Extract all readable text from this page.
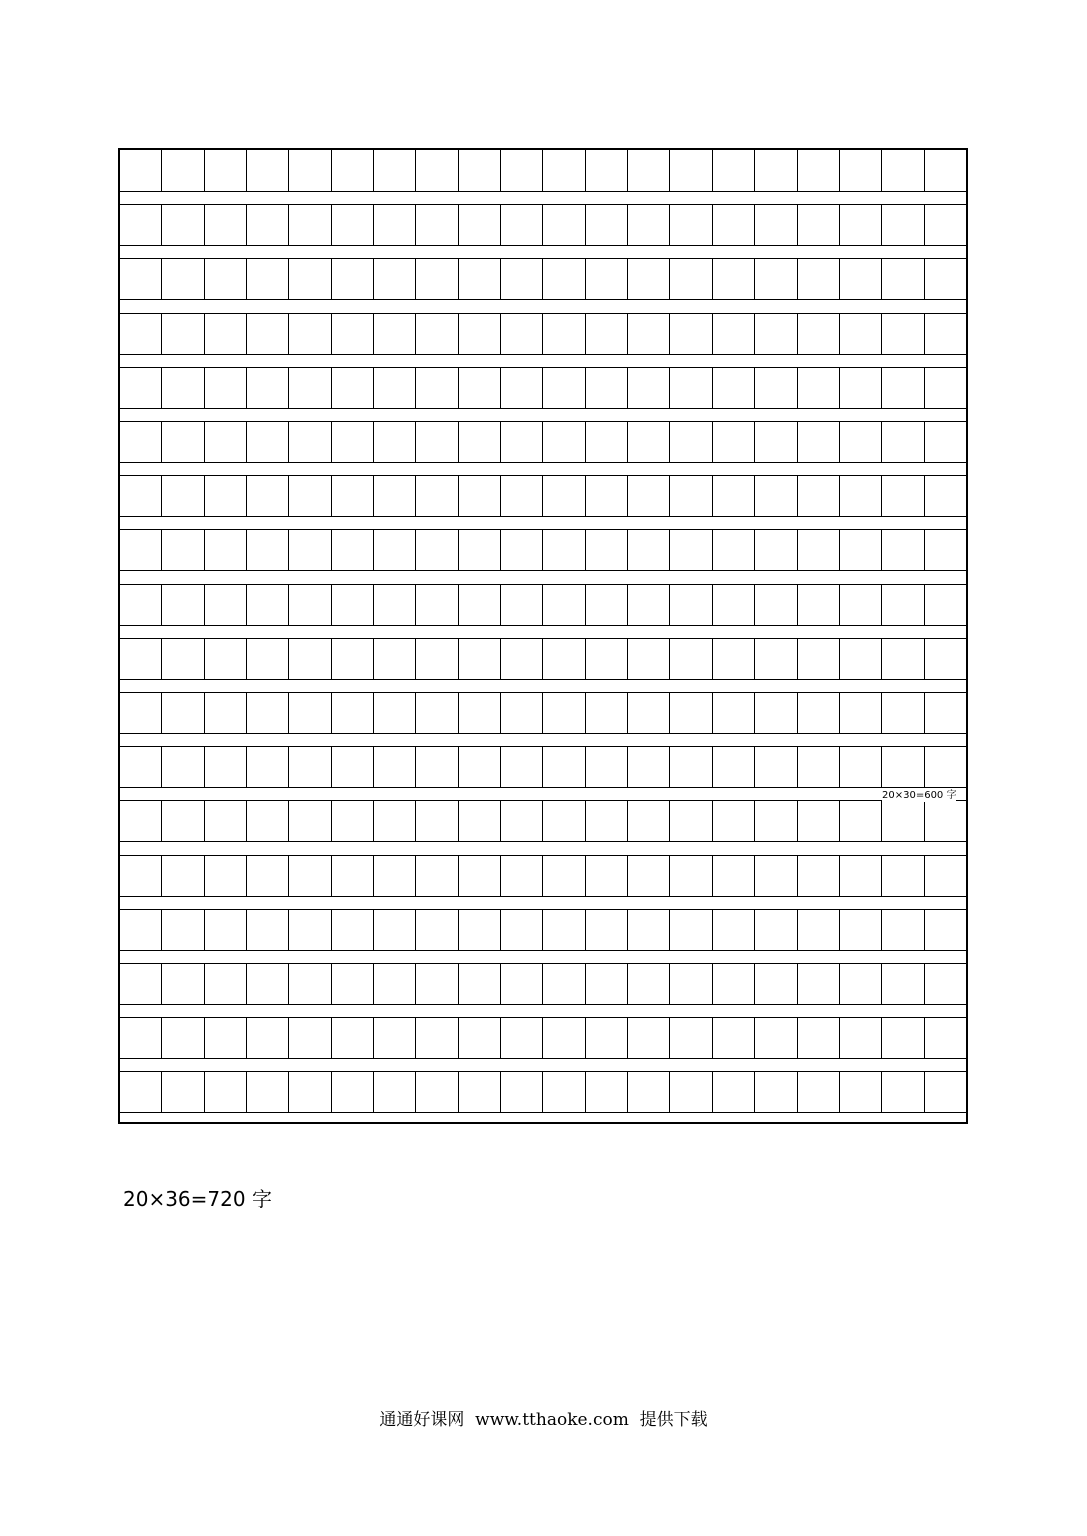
20×30=600 字
20×36=720 字
通通好课网  www.tthaoke.com  提供下载
